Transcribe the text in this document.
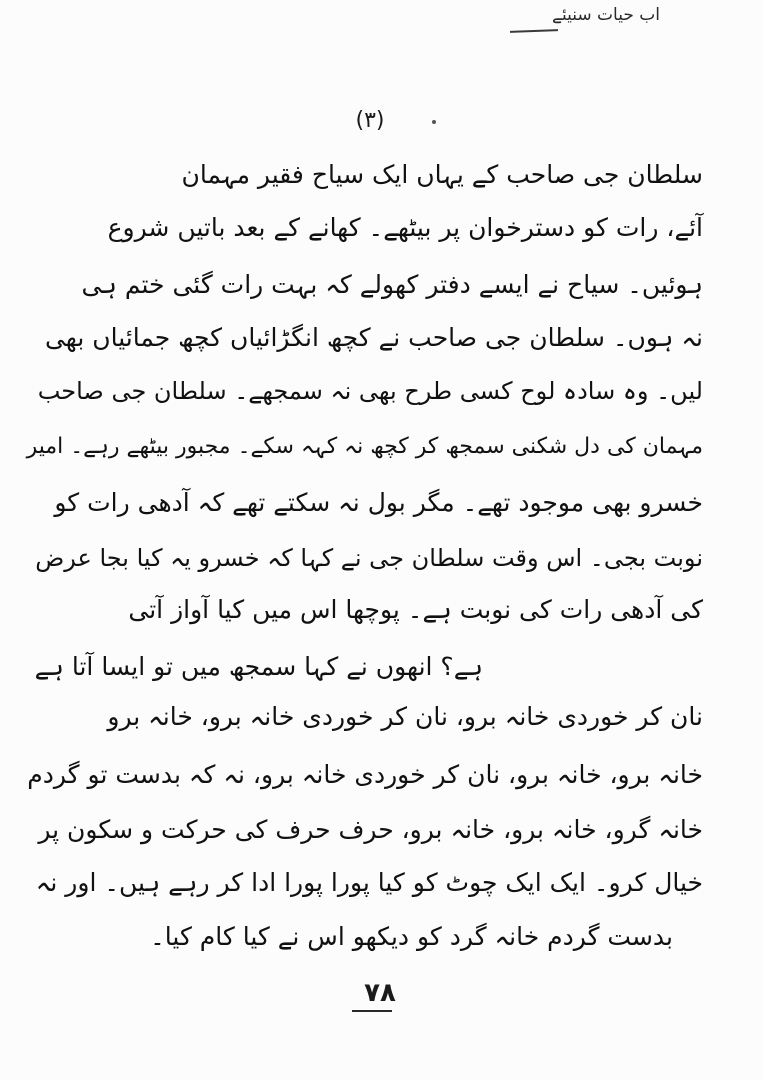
اب حیات سنیئے
(٣)
سلطان جی صاحب کے یہاں ایک سیاح فقیر مہمان
آئے، رات کو دسترخوان پر بیٹھے۔ کھانے کے بعد باتیں شروع
ہوئیں۔ سیاح نے ایسے دفتر کھولے کہ بہت رات گئی ختم ہی
نہ ہوں۔ سلطان جی صاحب نے کچھ انگڑائیاں کچھ جمائیاں بھی
لیں۔ وہ سادہ لوح کسی طرح بھی نہ سمجھے۔ سلطان جی صاحب
مہمان کی دل شکنی سمجھ کر کچھ نہ کہہ سکے۔ مجبور بیٹھے رہے۔ امیر
خسرو بھی موجود تھے۔ مگر بول نہ سکتے تھے کہ آدھی رات کو
نوبت بجی۔ اس وقت سلطان جی نے کہا کہ خسرو یہ کیا بجا عرض
کی آدھی رات کی نوبت ہے۔ پوچھا اس میں کیا آواز آتی
ہے؟ انھوں نے کہا سمجھ میں تو ایسا آتا ہے
نان کر خوردی خانہ برو، نان کر خوردی خانہ برو، خانہ برو
خانہ برو، خانہ برو، نان کر خوردی خانہ برو، نہ کہ بدست تو گردم
خانہ گرو، خانہ برو، خانہ برو، حرف حرف کی حرکت و سکون پر
خیال کرو۔ ایک ایک چوٹ کو کیا پورا پورا ادا کر رہے ہیں۔ اور نہ
بدست گردم خانہ گرد کو دیکھو اس نے کیا کام کیا۔
٧٨
